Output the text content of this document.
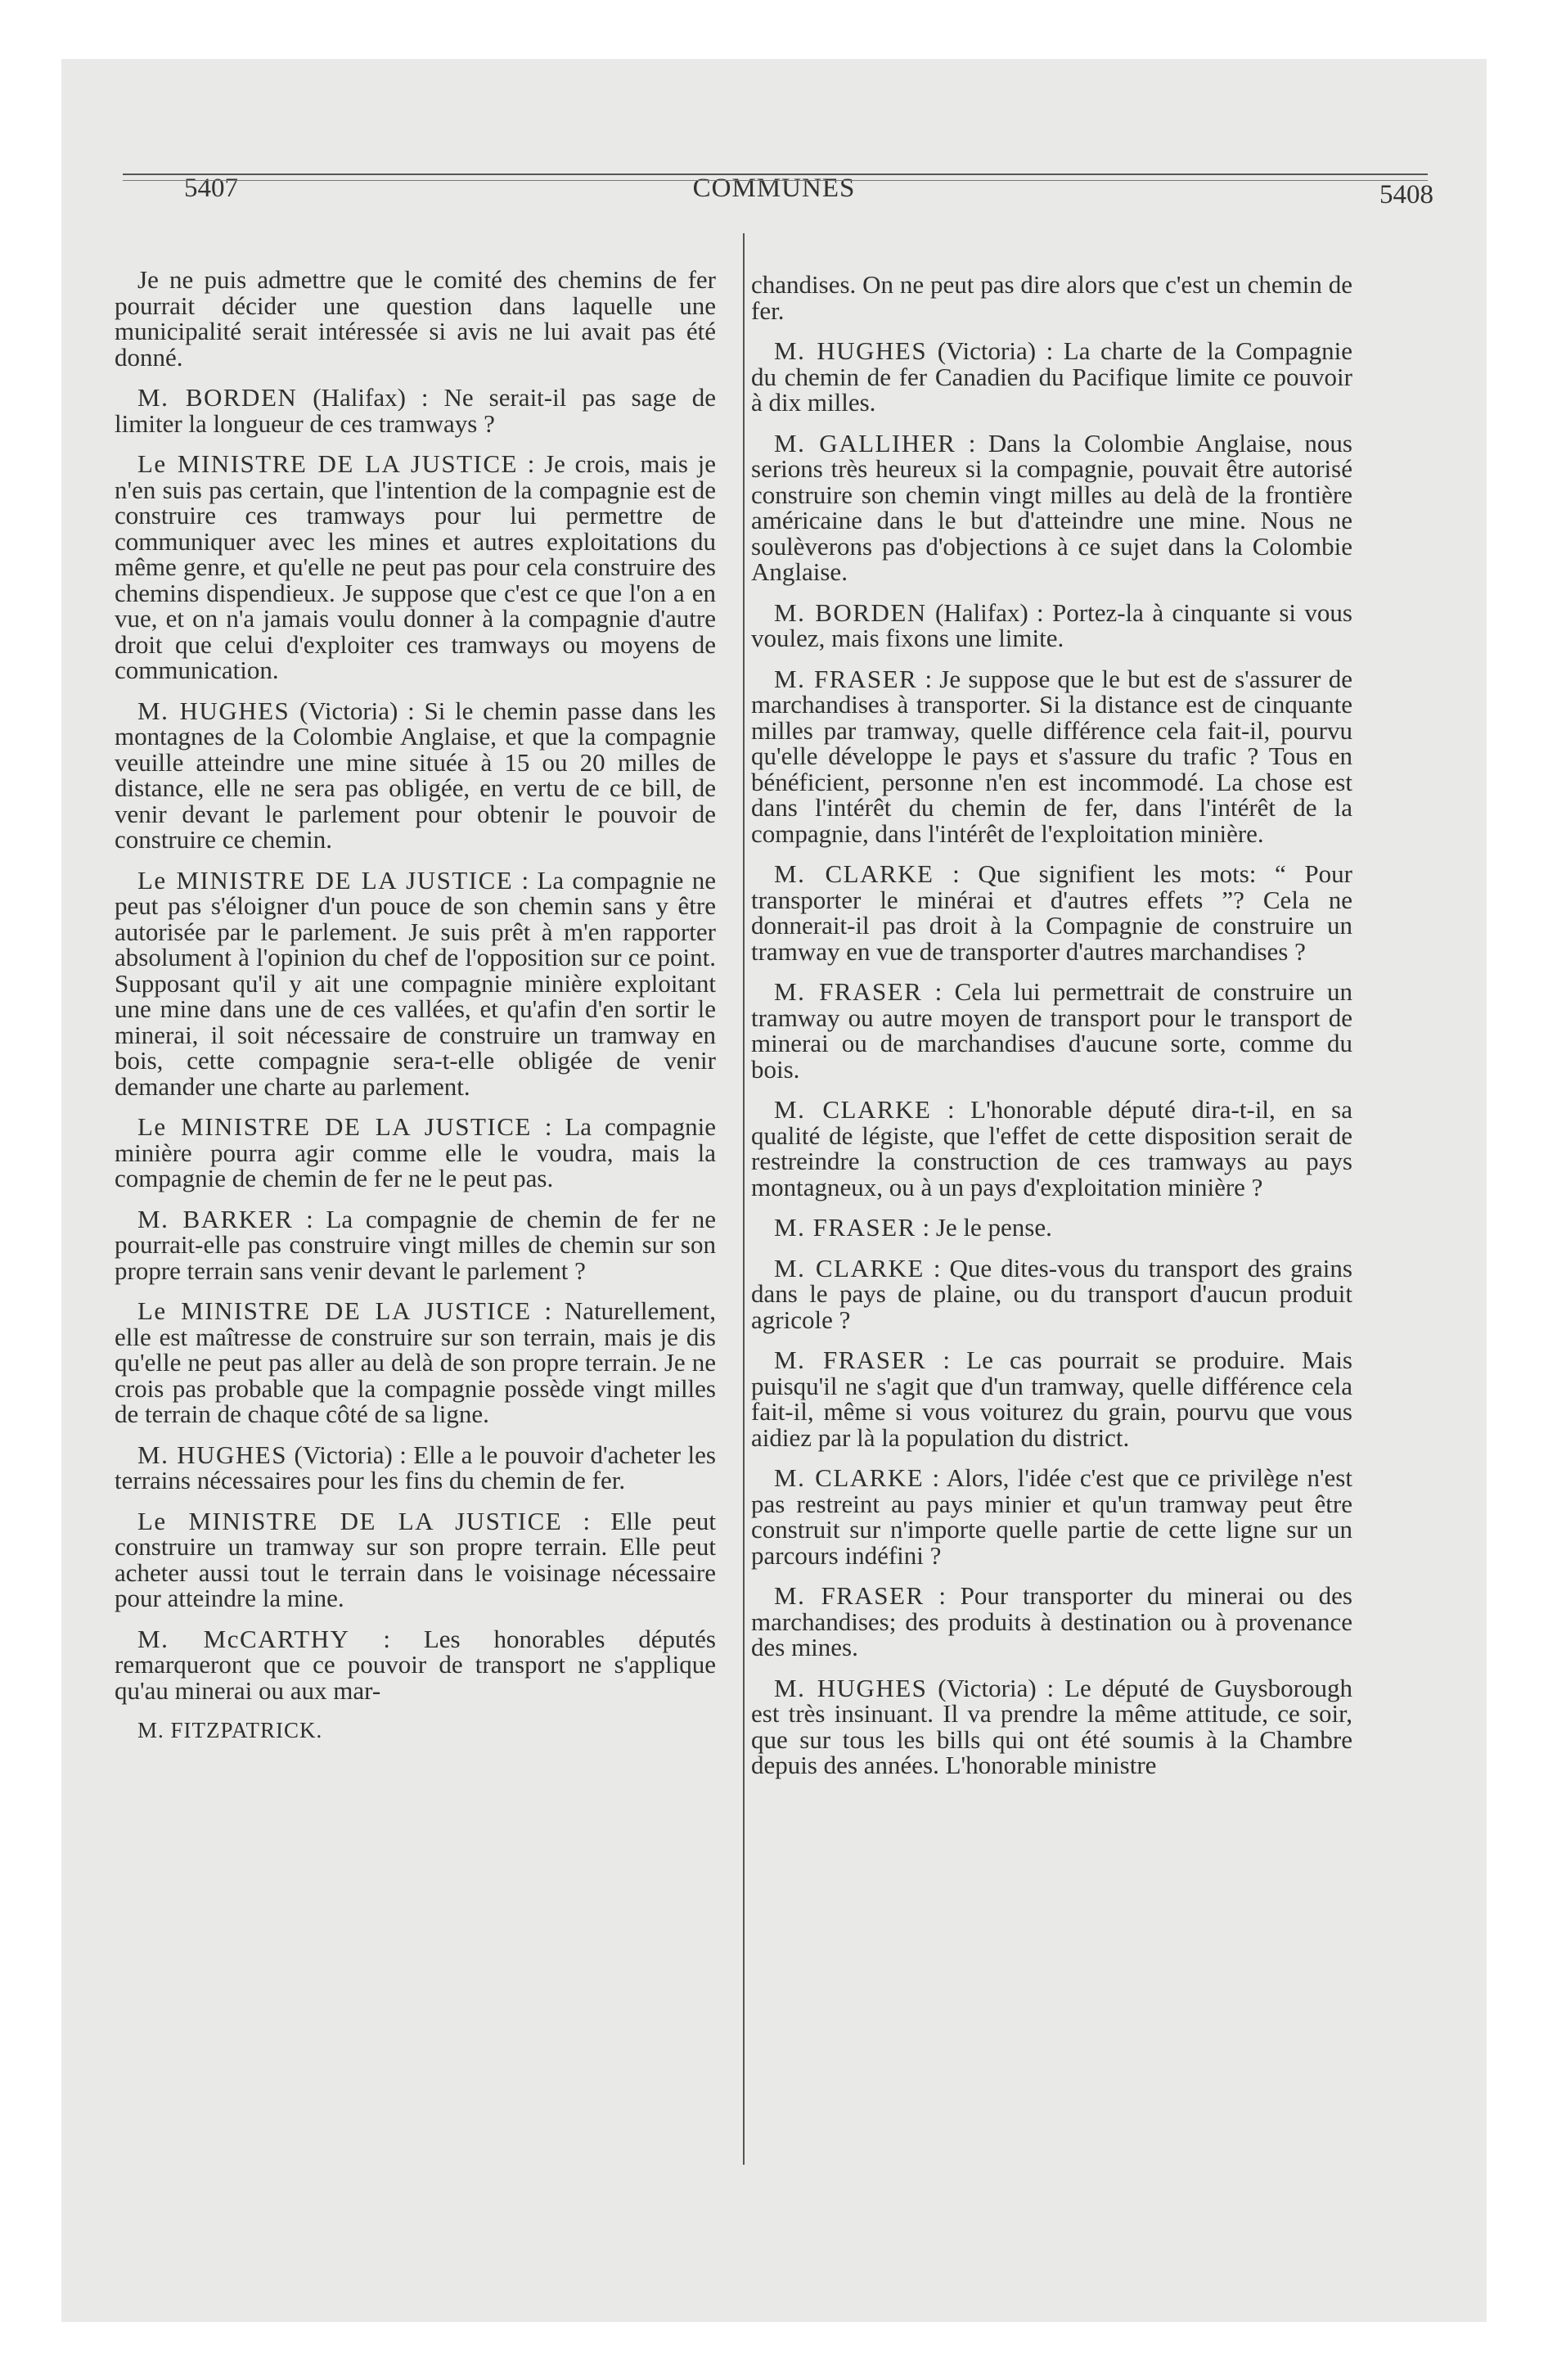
5407	COMMUNES	5408

Je ne puis admettre que le comité des chemins de fer pourrait décider une question dans laquelle une municipalité serait intéressée si avis ne lui avait pas été donné.

M. BORDEN (Halifax) : Ne serait-il pas sage de limiter la longueur de ces tramways ?

Le MINISTRE DE LA JUSTICE : Je crois, mais je n'en suis pas certain, que l'intention de la compagnie est de construire ces tramways pour lui permettre de communiquer avec les mines et autres exploitations du même genre, et qu'elle ne peut pas pour cela construire des chemins dispendieux. Je suppose que c'est ce que l'on a en vue, et on n'a jamais voulu donner à la compagnie d'autre droit que celui d'exploiter ces tramways ou moyens de communication.

M. HUGHES (Victoria) : Si le chemin passe dans les montagnes de la Colombie Anglaise, et que la compagnie veuille atteindre une mine située à 15 ou 20 milles de distance, elle ne sera pas obligée, en vertu de ce bill, de venir devant le parlement pour obtenir le pouvoir de construire ce chemin.

Le MINISTRE DE LA JUSTICE : La compagnie ne peut pas s'éloigner d'un pouce de son chemin sans y être autorisée par le parlement. Je suis prêt à m'en rapporter absolument à l'opinion du chef de l'opposition sur ce point. Supposant qu'il y ait une compagnie minière exploitant une mine dans une de ces vallées, et qu'afin d'en sortir le minerai, il soit nécessaire de construire un tramway en bois, cette compagnie sera-t-elle obligée de venir demander une charte au parlement.

Le MINISTRE DE LA JUSTICE : La compagnie minière pourra agir comme elle le voudra, mais la compagnie de chemin de fer ne le peut pas.

M. BARKER : La compagnie de chemin de fer ne pourrait-elle pas construire vingt milles de chemin sur son propre terrain sans venir devant le parlement ?

Le MINISTRE DE LA JUSTICE : Naturellement, elle est maîtresse de construire sur son terrain, mais je dis qu'elle ne peut pas aller au delà de son propre terrain. Je ne crois pas probable que la compagnie possède vingt milles de terrain de chaque côté de sa ligne.

M. HUGHES (Victoria) : Elle a le pouvoir d'acheter les terrains nécessaires pour les fins du chemin de fer.

Le MINISTRE DE LA JUSTICE : Elle peut construire un tramway sur son propre terrain. Elle peut acheter aussi tout le terrain dans le voisinage nécessaire pour atteindre la mine.

M. McCARTHY : Les honorables députés remarqueront que ce pouvoir de transport ne s'applique qu'au minerai ou aux mar-

M. FITZPATRICK.

chandises. On ne peut pas dire alors que c'est un chemin de fer.

M. HUGHES (Victoria) : La charte de la Compagnie du chemin de fer Canadien du Pacifique limite ce pouvoir à dix milles.

M. GALLIHER : Dans la Colombie Anglaise, nous serions très heureux si la compagnie, pouvait être autorisé construire son chemin vingt milles au delà de la frontière américaine dans le but d'atteindre une mine. Nous ne soulèverons pas d'objections à ce sujet dans la Colombie Anglaise.

M. BORDEN (Halifax) : Portez-la à cinquante si vous voulez, mais fixons une limite.

M. FRASER : Je suppose que le but est de s'assurer de marchandises à transporter. Si la distance est de cinquante milles par tramway, quelle différence cela fait-il, pourvu qu'elle développe le pays et s'assure du trafic ? Tous en bénéficient, personne n'en est incommodé. La chose est dans l'intérêt du chemin de fer, dans l'intérêt de la compagnie, dans l'intérêt de l'exploitation minière.

M. CLARKE : Que signifient les mots: “ Pour transporter le minérai et d'autres effets ”? Cela ne donnerait-il pas droit à la Compagnie de construire un tramway en vue de transporter d'autres marchandises ?

M. FRASER : Cela lui permettrait de construire un tramway ou autre moyen de transport pour le transport de minerai ou de marchandises d'aucune sorte, comme du bois.

M. CLARKE : L'honorable député dira-t-il, en sa qualité de légiste, que l'effet de cette disposition serait de restreindre la construction de ces tramways au pays montagneux, ou à un pays d'exploitation minière ?

M. FRASER : Je le pense.

M. CLARKE : Que dites-vous du transport des grains dans le pays de plaine, ou du transport d'aucun produit agricole ?

M. FRASER : Le cas pourrait se produire. Mais puisqu'il ne s'agit que d'un tramway, quelle différence cela fait-il, même si vous voiturez du grain, pourvu que vous aidiez par là la population du district.

M. CLARKE : Alors, l'idée c'est que ce privilège n'est pas restreint au pays minier et qu'un tramway peut être construit sur n'importe quelle partie de cette ligne sur un parcours indéfini ?

M. FRASER : Pour transporter du minerai ou des marchandises; des produits à destination ou à provenance des mines.

M. HUGHES (Victoria) : Le député de Guysborough est très insinuant. Il va prendre la même attitude, ce soir, que sur tous les bills qui ont été soumis à la Chambre depuis des années. L'honorable ministre
